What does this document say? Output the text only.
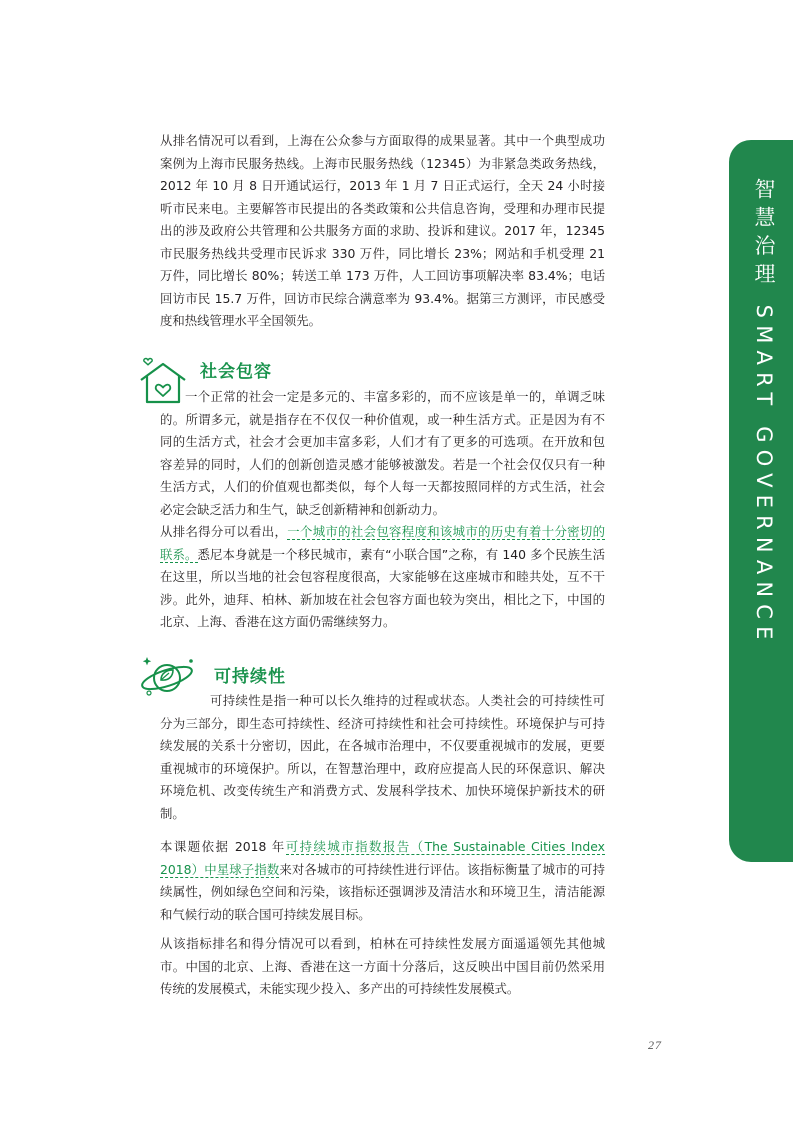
智慧治理 SMART GOVERNANCE

从排名情况可以看到，上海在公众参与方面取得的成果显著。其中一个典型成功案例为上海市民服务热线。上海市民服务热线（12345）为非紧急类政务热线，2012 年 10 月 8 日开通试运行，2013 年 1 月 7 日正式运行，全天 24 小时接听市民来电。主要解答市民提出的各类政策和公共信息咨询，受理和办理市民提出的涉及政府公共管理和公共服务方面的求助、投诉和建议。2017 年，12345 市民服务热线共受理市民诉求 330 万件，同比增长 23%；网站和手机受理 21 万件，同比增长 80%；转送工单 173 万件，人工回访事项解决率 83.4%；电话回访市民 15.7 万件，回访市民综合满意率为 93.4%。据第三方测评，市民感受度和热线管理水平全国领先。

社会包容

一个正常的社会一定是多元的、丰富多彩的，而不应该是单一的，单调乏味的。所谓多元，就是指存在不仅仅一种价值观，或一种生活方式。正是因为有不同的生活方式，社会才会更加丰富多彩，人们才有了更多的可选项。在开放和包容差异的同时，人们的创新创造灵感才能够被激发。若是一个社会仅仅只有一种生活方式，人们的价值观也都类似，每个人每一天都按照同样的方式生活，社会必定会缺乏活力和生气，缺乏创新精神和创新动力。

从排名得分可以看出，一个城市的社会包容程度和该城市的历史有着十分密切的联系。悉尼本身就是一个移民城市，素有“小联合国”之称，有 140 多个民族生活在这里，所以当地的社会包容程度很高，大家能够在这座城市和睦共处，互不干涉。此外，迪拜、柏林、新加坡在社会包容方面也较为突出，相比之下，中国的北京、上海、香港在这方面仍需继续努力。

可持续性

可持续性是指一种可以长久维持的过程或状态。人类社会的可持续性可分为三部分，即生态可持续性、经济可持续性和社会可持续性。环境保护与可持续发展的关系十分密切，因此，在各城市治理中，不仅要重视城市的发展，更要重视城市的环境保护。所以，在智慧治理中，政府应提高人民的环保意识、解决环境危机、改变传统生产和消费方式、发展科学技术、加快环境保护新技术的研制。

本课题依据 2018 年可持续城市指数报告（The Sustainable Cities Index 2018）中星球子指数来对各城市的可持续性进行评估。该指标衡量了城市的可持续属性，例如绿色空间和污染，该指标还强调涉及清洁水和环境卫生，清洁能源和气候行动的联合国可持续发展目标。

从该指标排名和得分情况可以看到，柏林在可持续性发展方面遥遥领先其他城市。中国的北京、上海、香港在这一方面十分落后，这反映出中国目前仍然采用传统的发展模式，未能实现少投入、多产出的可持续性发展模式。

27
